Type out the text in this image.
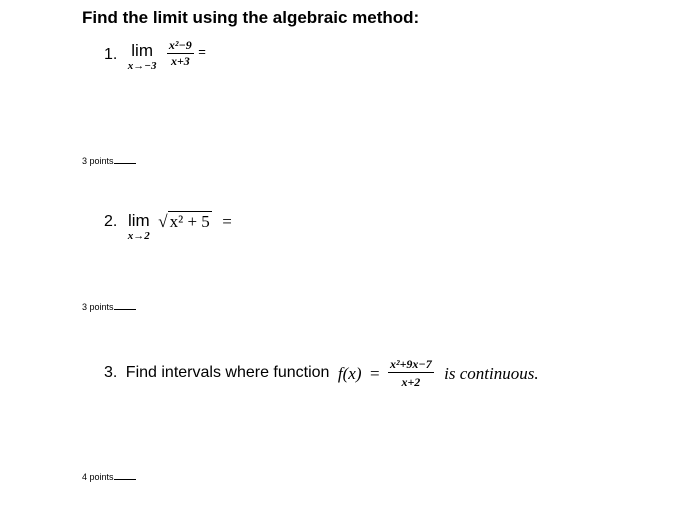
Find the limit using the algebraic method:
1. lim
x→−3
$\frac{\text{x²−9}}{x+3}$ =
3 points
2. lim
x→2
√ x² + 5 =
3 points
3. Find intervals where function $f(x) = \frac{\text{x²+9x−7}}{x+2}$ is continuous.
4 points
